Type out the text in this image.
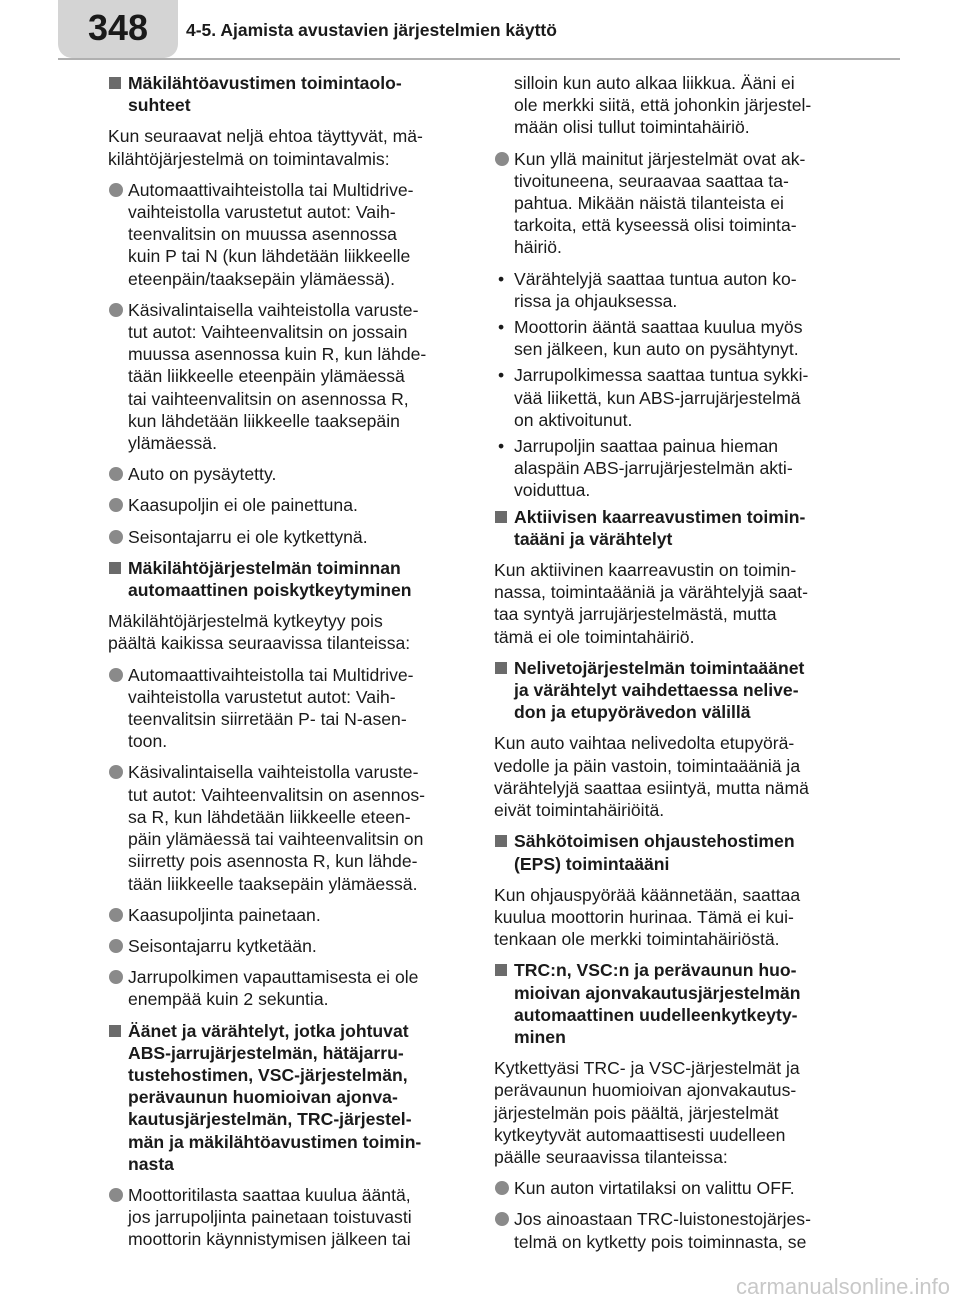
348	4-5. Ajamista avustavien järjestelmien käyttö
Mäkilähtöavustimen toimintaolo-
suhteet
Kun seuraavat neljä ehtoa täyttyvät, mä-
kilähtöjärjestelmä on toimintavalmis:
Automaattivaihteistolla tai Multidrive-
vaihteistolla varustetut autot: Vaih-
teenvalitsin on muussa asennossa
kuin P tai N (kun lähdetään liikkeelle
eteenpäin/taaksepäin ylämäessä).
Käsivalintaisella vaihteistolla varuste-
tut autot: Vaihteenvalitsin on jossain
muussa asennossa kuin R, kun lähde-
tään liikkeelle eteenpäin ylämäessä
tai vaihteenvalitsin on asennossa R,
kun lähdetään liikkeelle taaksepäin
ylämäessä.
Auto on pysäytetty.
Kaasupoljin ei ole painettuna.
Seisontajarru ei ole kytkettynä.
Mäkilähtöjärjestelmän toiminnan
automaattinen poiskytkeytyminen
Mäkilähtöjärjestelmä kytkeytyy pois
päältä kaikissa seuraavissa tilanteissa:
Automaattivaihteistolla tai Multidrive-
vaihteistolla varustetut autot: Vaih-
teenvalitsin siirretään P- tai N-asen-
toon.
Käsivalintaisella vaihteistolla varuste-
tut autot: Vaihteenvalitsin on asennos-
sa R, kun lähdetään liikkeelle eteen-
päin ylämäessä tai vaihteenvalitsin on
siirretty pois asennosta R, kun lähde-
tään liikkeelle taaksepäin ylämäessä.
Kaasupoljinta painetaan.
Seisontajarru kytketään.
Jarrupolkimen vapauttamisesta ei ole
enempää kuin 2 sekuntia.
Äänet ja värähtelyt, jotka johtuvat
ABS-jarrujärjestelmän, hätäjarru-
tustehostimen, VSC-järjestelmän,
perävaunun huomioivan ajonva-
kautusjärjestelmän, TRC-järjestel-
män ja mäkilähtöavustimen toimin-
nasta
Moottoritilasta saattaa kuulua ääntä,
jos jarrupoljinta painetaan toistuvasti
moottorin käynnistymisen jälkeen tai
silloin kun auto alkaa liikkua. Ääni ei
ole merkki siitä, että johonkin järjestel-
mään olisi tullut toimintahäiriö.
Kun yllä mainitut järjestelmät ovat ak-
tivoituneena, seuraavaa saattaa ta-
pahtua. Mikään näistä tilanteista ei
tarkoita, että kyseessä olisi toiminta-
häiriö.
• Värähtelyjä saattaa tuntua auton ko-
rissa ja ohjauksessa.
• Moottorin ääntä saattaa kuulua myös
sen jälkeen, kun auto on pysähtynyt.
• Jarrupolkimessa saattaa tuntua sykki-
vää liikettä, kun ABS-jarrujärjestelmä
on aktivoitunut.
• Jarrupoljin saattaa painua hieman
alaspäin ABS-jarrujärjestelmän akti-
voiduttua.
Aktiivisen kaarreavustimen toimin-
taääni ja värähtelyt
Kun aktiivinen kaarreavustin on toimin-
nassa, toimintaääniä ja värähtelyjä saat-
taa syntyä jarrujärjestelmästä, mutta
tämä ei ole toimintahäiriö.
Nelivetojärjestelmän toimintaäänet
ja värähtelyt vaihdettaessa nelive-
don ja etupyörävedon välillä
Kun auto vaihtaa nelivedolta etupyörä-
vedolle ja päin vastoin, toimintaääniä ja
värähtelyjä saattaa esiintyä, mutta nämä
eivät toimintahäiriöitä.
Sähkötoimisen ohjaustehostimen
(EPS) toimintaääni
Kun ohjauspyörää käännetään, saattaa
kuulua moottorin hurinaa. Tämä ei kui-
tenkaan ole merkki toimintahäiriöstä.
TRC:n, VSC:n ja perävaunun huo-
mioivan ajonvakautusjärjestelmän
automaattinen uudelleenkytkeyty-
minen
Kytkettyäsi TRC- ja VSC-järjestelmät ja
perävaunun huomioivan ajonvakautus-
järjestelmän pois päältä, järjestelmät
kytkeytyvät automaattisesti uudelleen
päälle seuraavissa tilanteissa:
Kun auton virtatilaksi on valittu OFF.
Jos ainoastaan TRC-luistonestojärjes-
telmä on kytketty pois toiminnasta, se
carmanualsonline.info
